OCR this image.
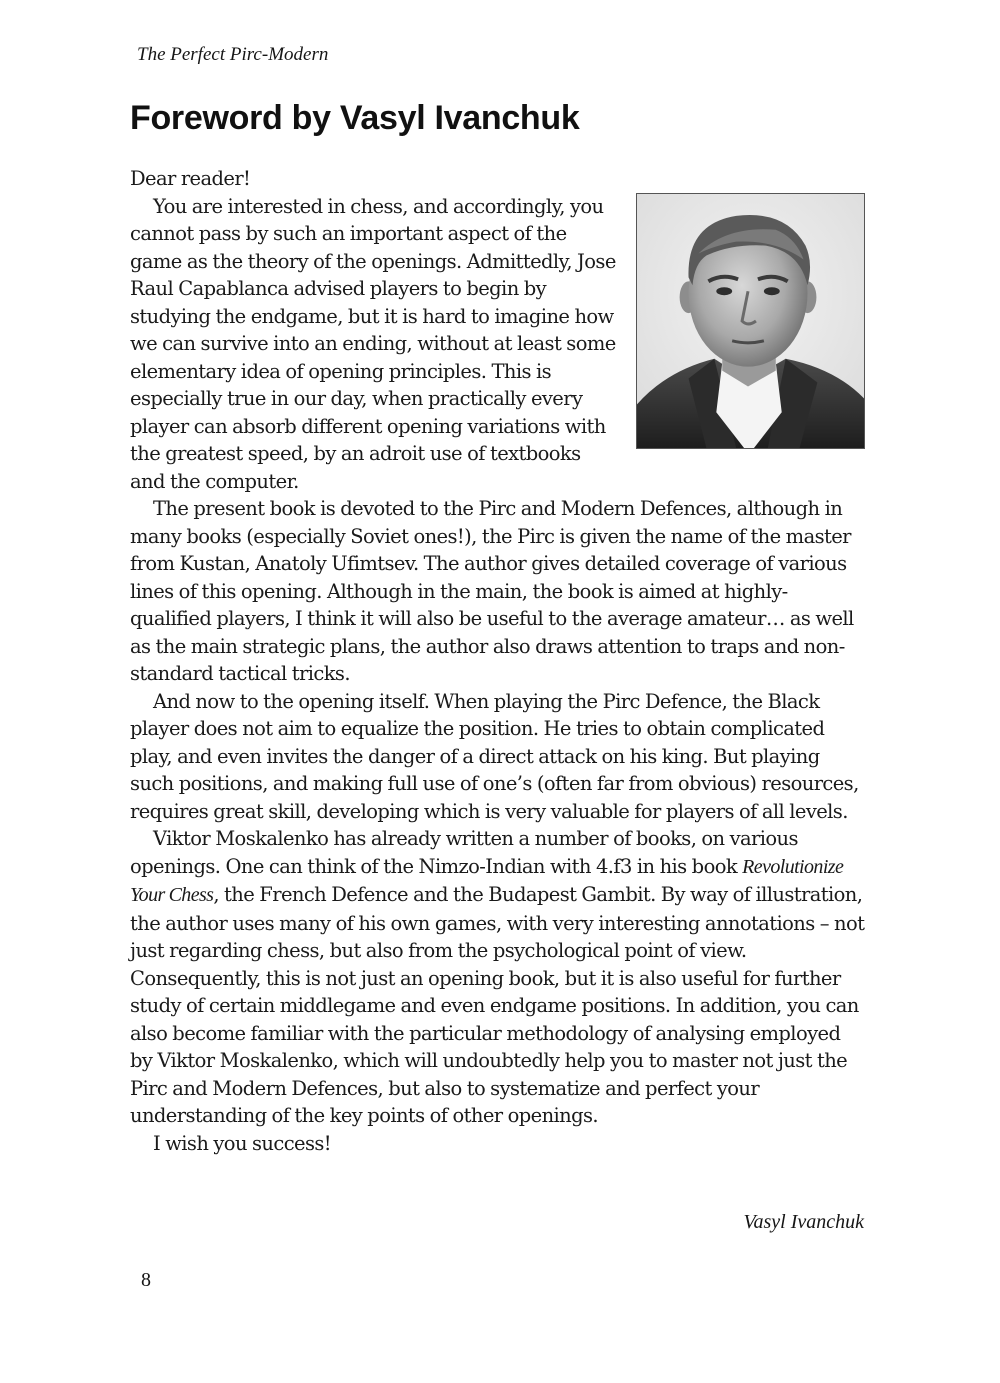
The Perfect Pirc-Modern

Foreword by Vasyl Ivanchuk

Dear reader!

You are interested in chess, and accordingly, you cannot pass by such an important aspect of the game as the theory of the openings. Admittedly, Jose Raul Capablanca advised players to begin by studying the endgame, but it is hard to imagine how we can survive into an ending, without at least some elementary idea of opening principles. This is especially true in our day, when practically every player can absorb different opening variations with the greatest speed, by an adroit use of textbooks and the computer.

The present book is devoted to the Pirc and Modern Defences, although in many books (especially Soviet ones!), the Pirc is given the name of the master from Kustan, Anatoly Ufimtsev. The author gives detailed coverage of various lines of this opening. Although in the main, the book is aimed at highly-qualified players, I think it will also be useful to the average amateur… as well as the main strategic plans, the author also draws attention to traps and non-standard tactical tricks.

And now to the opening itself. When playing the Pirc Defence, the Black player does not aim to equalize the position. He tries to obtain complicated play, and even invites the danger of a direct attack on his king. But playing such positions, and making full use of one’s (often far from obvious) resources, requires great skill, developing which is very valuable for players of all levels.

Viktor Moskalenko has already written a number of books, on various openings. One can think of the Nimzo-Indian with 4.f3 in his book Revolutionize Your Chess, the French Defence and the Budapest Gambit. By way of illustration, the author uses many of his own games, with very interesting annotations – not just regarding chess, but also from the psychological point of view. Consequently, this is not just an opening book, but it is also useful for further study of certain middlegame and even endgame positions. In addition, you can also become familiar with the particular methodology of analysing employed by Viktor Moskalenko, which will undoubtedly help you to master not just the Pirc and Modern Defences, but also to systematize and perfect your understanding of the key points of other openings.

I wish you success!

Vasyl Ivanchuk

8
